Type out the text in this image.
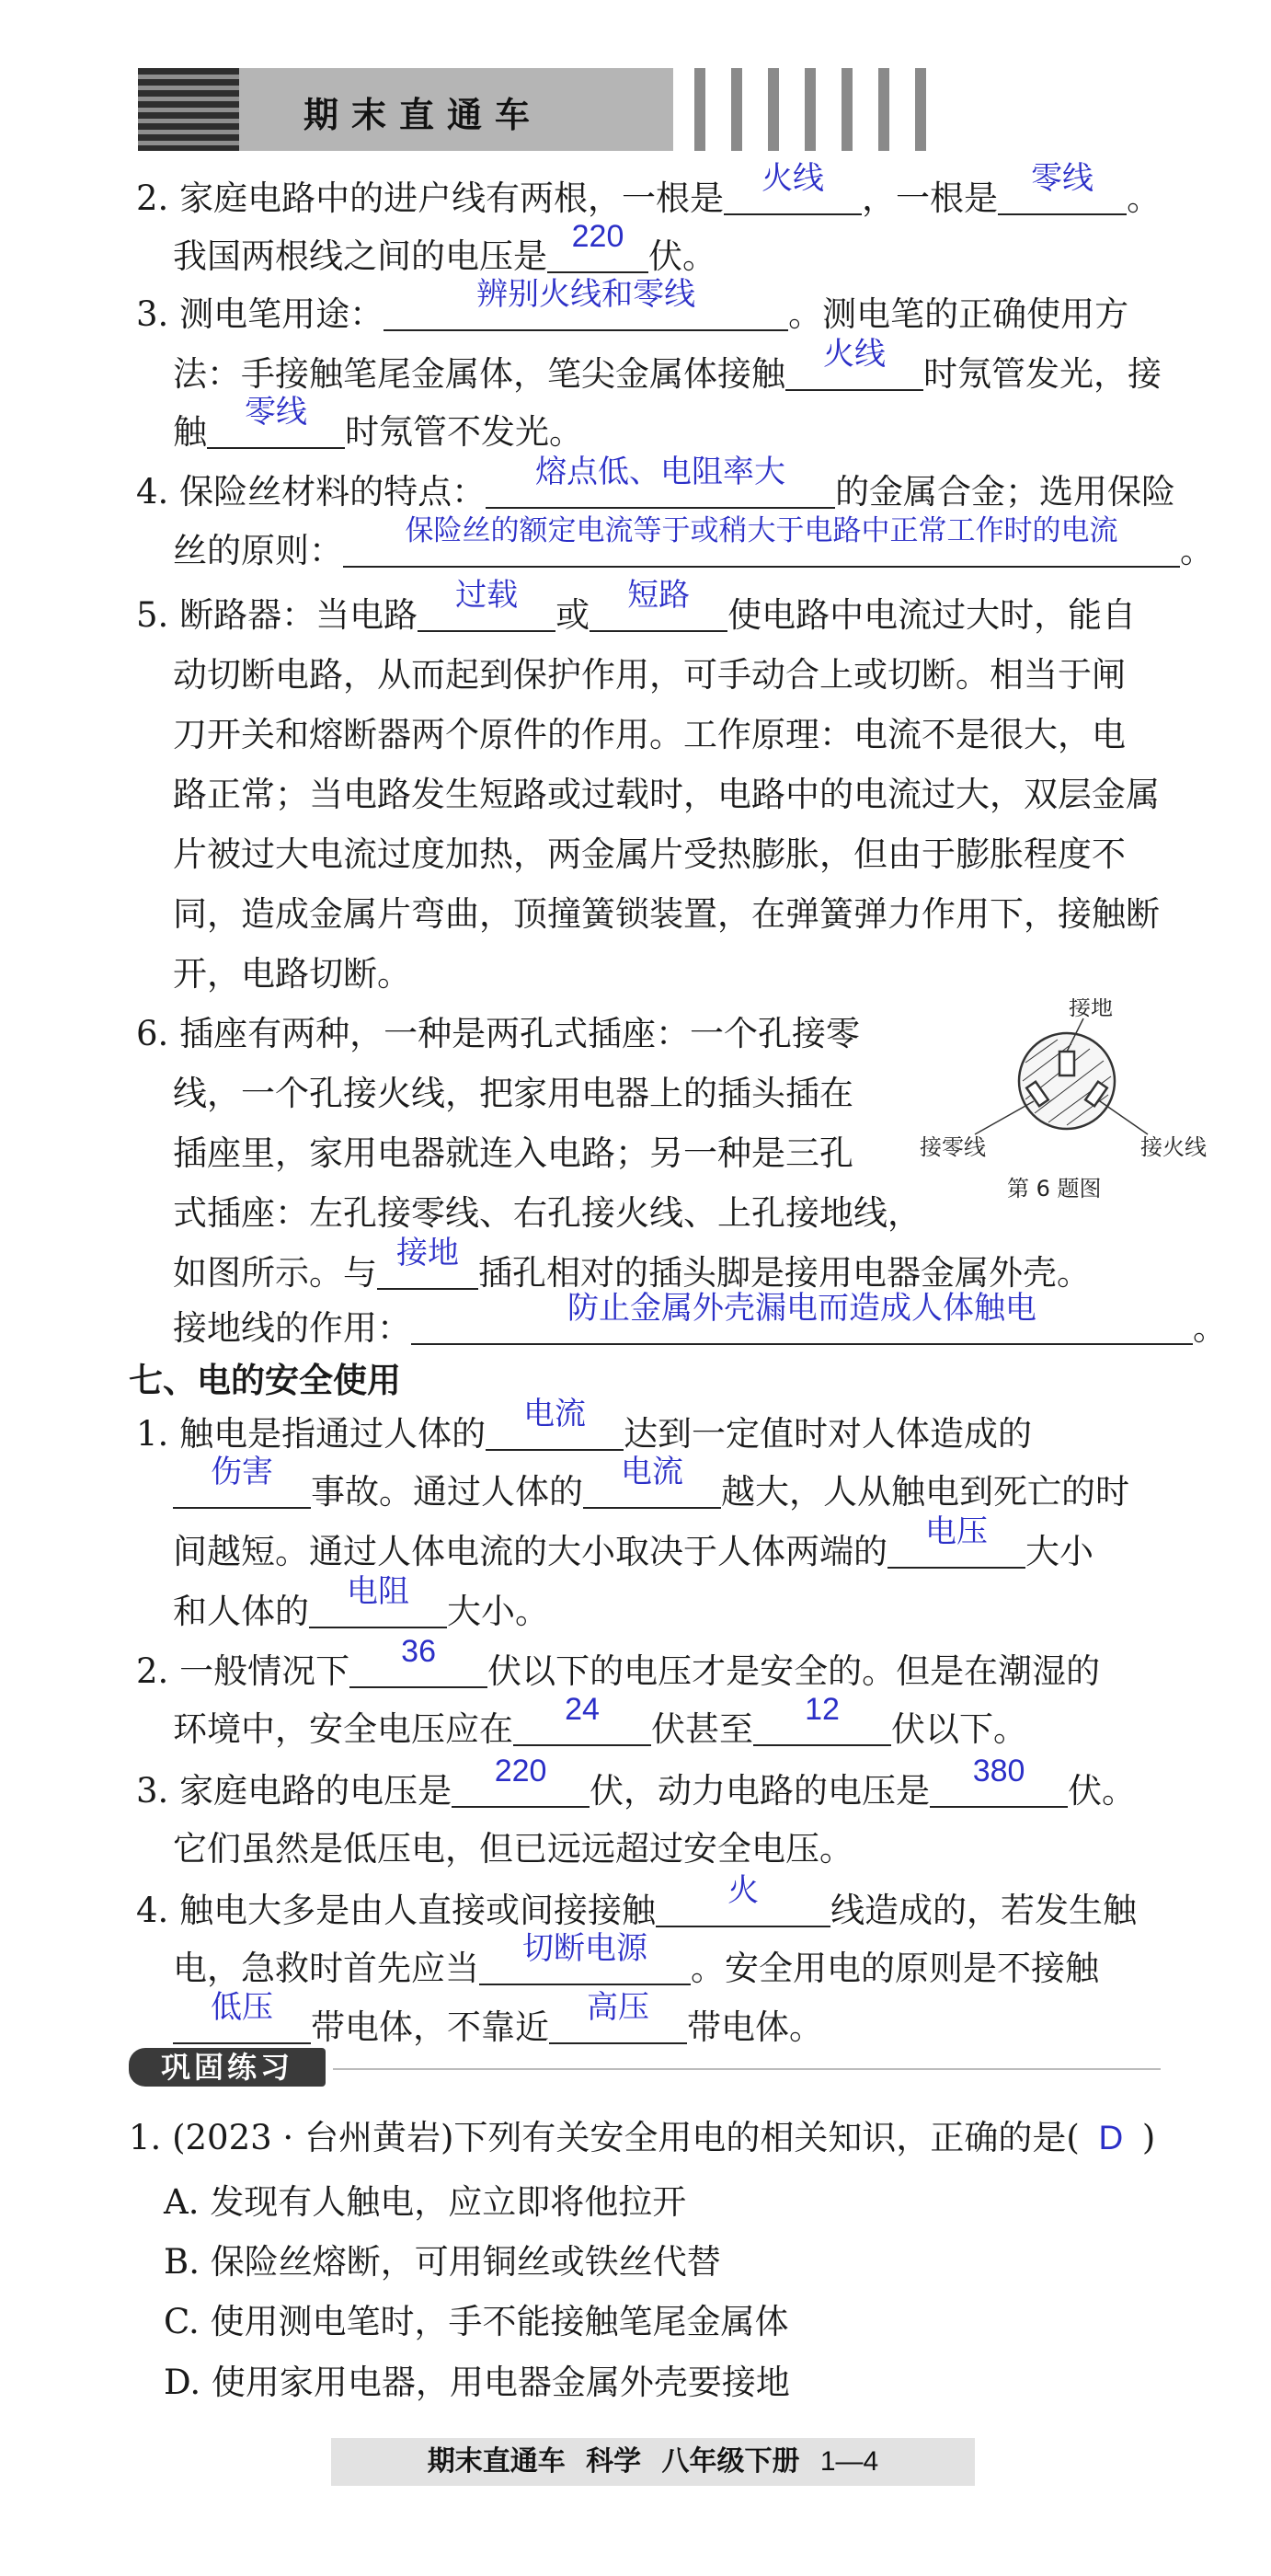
期末直通车
2. 家庭电路中的进户线有两根，一根是	火线	，一根是	零线 。
我国两根线之间的电压是 220 伏。
3. 测电笔用途：	辨别火线和零线	。测电笔的正确使用方
法：手接触笔尾金属体，笔尖金属体接触	火线	时氖管发光，接
触	零线	时氖管不发光。
4. 保险丝材料的特点：	熔点低、电阻率大	的金属合金；选用保险
丝的原则：
保险丝的额定电流等于或稍大于电路中正常工作时的电流
。
5. 断路器：当电路	过载	或	短路	使电路中电流过大时，能自
动切断电路，从而起到保护作用，可手动合上或切断。相当于闸
刀开关和熔断器两个原件的作用。工作原理：电流不是很大，电
路正常；当电路发生短路或过载时，电路中的电流过大，双层金属
片被过大电流过度加热，两金属片受热膨胀，但由于膨胀程度不
同，造成金属片弯曲，顶撞簧锁装置，在弹簧弹力作用下，接触断
开，电路切断。
6. 插座有两种，一种是两孔式插座：一个孔接零
线，一个孔接火线，把家用电器上的插头插在
插座里，家用电器就连入电路；另一种是三孔
式插座：左孔接零线、右孔接火线、上孔接地线，
如图所示。与 接地 插孔相对的插头脚是接用电器金属外壳。
接地线的作用：	防止金属外壳漏电而造成人体触电	。
接地
接零线	接火线
第 6 题图
七、电的安全使用
1. 触电是指通过人体的	电流	达到一定值时对人体造成的
伤害	事故。通过人体的	电流	越大，人从触电到死亡的时
间越短。通过人体电流的大小取决于人体两端的	电压	大小
和人体的	电阻	大小。
2. 一般情况下	36	伏以下的电压才是安全的。但是在潮湿的
环境中，安全电压应在	24	伏甚至	12	伏以下。
3. 家庭电路的电压是	220	伏，动力电路的电压是	380	伏。
它们虽然是低压电，但已远远超过安全电压。
4. 触电大多是由人直接或间接接触	火	线造成的，若发生触
电，急救时首先应当	切断电源	。安全用电的原则是不接触
低压	带电体，不靠近	高压	带电体。
巩固练习
1. (2023 · 台州黄岩)下列有关安全用电的相关知识，正确的是( D )
A. 发现有人触电，应立即将他拉开
B. 保险丝熔断，可用铜丝或铁丝代替
C. 使用测电笔时，手不能接触笔尾金属体
D. 使用家用电器，用电器金属外壳要接地
期末直通车 科学 八年级下册 1—4
